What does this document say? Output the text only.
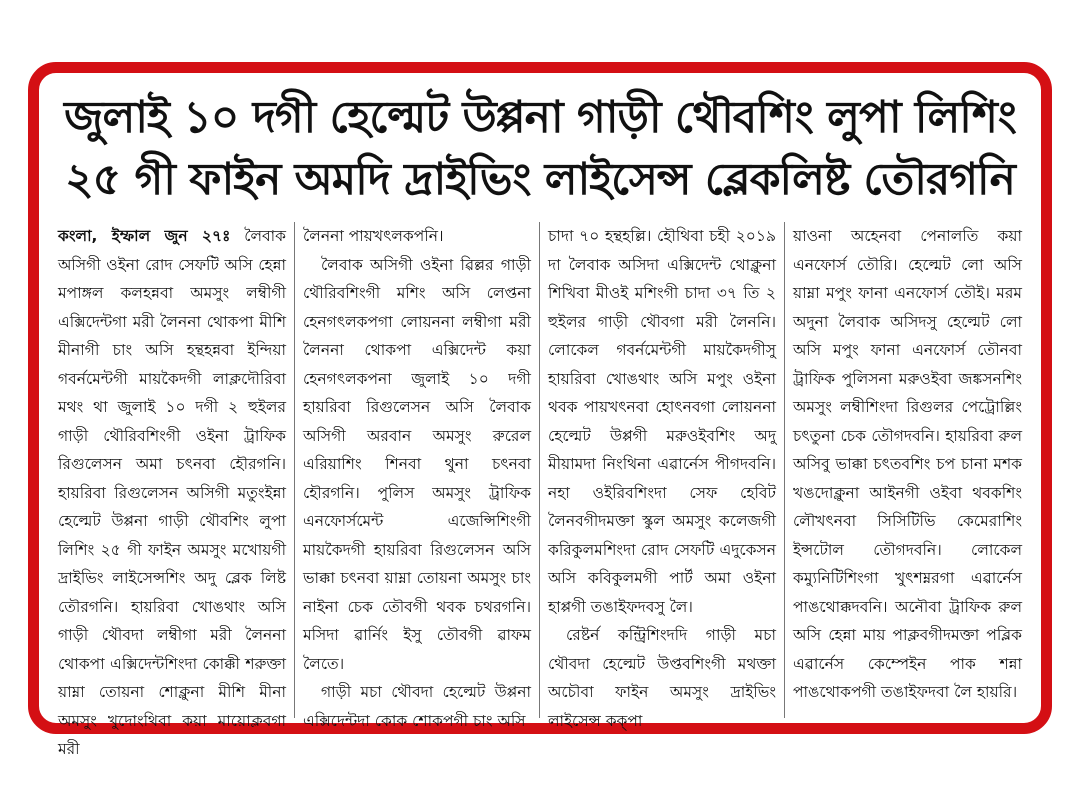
জুলাই ১০ দগী হেল্মেট উপ্পনা গাড়ী থৌবশিং লুপা লিশিং
২৫ গী ফাইন অমদি দ্রাইভিং লাইসেন্স ব্লেকলিষ্ট তৌরগনি

কংলা, ইম্ফাল জুন ২৭ঃ লৈবাক অসিগী ওইনা রোদ সেফটি অসি হেন্না মপাঙ্গল কলহন্নবা অমসুং লম্বীগী এক্সিদেন্টগা মরী লৈননা থোকপা মীশি মীনাগী চাং অসি হন্থহন্নবা ইন্দিয়া গবর্নমেন্টগী মায়কৈদগী লাক্লদৌরিবা মথং থা জুলাই ১০ দগী ২ হুইলর গাড়ী থৌরিবশিংগী ওইনা ট্রাফিক রিগুলেসন অমা চৎনবা হৌরগনি। হায়রিবা রিগুলেসন অসিগী মতুংইন্না হেল্মেট উপ্পনা গাড়ী থৌবশিং লুপা লিশিং ২৫ গী ফাইন অমসুং মখোয়গী দ্রাইভিং লাইসেন্সশিং অদু ব্লেক লিষ্ট তৌরগনি। হায়রিবা খোঙথাং অসি গাড়ী থৌবদা লম্বীগা মরী লৈননা থোকপা এক্সিদেন্টশিংদা কোক্কী শরুক্তা য়াম্না তোয়না শোক্লুনা মীশি মীনা অমসুং খুদোংথিবা কয়া মায়োক্লবগা মরী

লৈননা পায়খৎলকপনি।

লৈবাক অসিগী ওইনা ৱিল্লর গাড়ী থৌরিবশিংগী মশিং অসি লেপ্তনা হেনগৎলকপগা লোয়ননা লম্বীগা মরী লৈননা থোকপা এক্সিদেন্ট কয়া হেনগৎলকপনা জুলাই ১০ দগী হায়রিবা রিগুলেসন অসি লৈবাক অসিগী অরবান অমসুং রুরেল এরিয়াশিং শিনবা থুনা চৎনবা হৌরগনি। পুলিস অমসুং ট্রাফিক এনফোর্সমেন্ট এজেন্সিশিংগী মায়কৈদগী হায়রিবা রিগুলেসন অসি ভাক্কা চৎনবা য়াম্না তোয়না অমসুং চাং নাইনা চেক তৌবগী থবক চথরগনি। মসিদা ৱার্নিং ইসু তৌবগী ৱাফম লৈতে।

গাড়ী মচা থৌবদা হেল্মেট উপ্পনা এক্সিদেন্টদা কোক শোকপগী চাং অসি

চাদা ৭০ হন্থহল্লি। হৌথিবা চহী ২০১৯ দা লৈবাক অসিদা এক্সিদেন্ট থোক্লুনা শিখিবা মীওই মশিংগী চাদা ৩৭ তি ২ হুইলর গাড়ী থৌবগা মরী লৈননি। লোকেল গবর্নমেন্টগী মায়কৈদগীসু হায়রিবা খোঙথাং অসি মপুং ওইনা থবক পায়খৎনবা হোৎনবগা লোয়ননা হেল্মেট উপ্পগী মরুওইবশিং অদু মীয়ামদা নিংথিনা এৱার্নেস পীগদবনি। নহা ওইরিবশিংদা সেফ হেবিট লৈনবগীদমক্তা স্কুল অমসুং কলেজগী করিকুলমশিংদা রোদ সেফটি এদুকেসন অসি কবিকুলমগী পার্ট অমা ওইনা হাপ্পগী তঙাইফদবসু লৈ।

রেষ্টর্ন কন্ট্রিশিংদদি গাড়ী মচা থৌবদা হেল্মেট উপ্তবশিংগী মথক্তা অচৌবা ফাইন অমসুং দ্রাইভিং লাইসেন্স কক্পা

য়াওনা অহেনবা পেনালতি কয়া এনফোর্স তৌরি। হেল্মেট লো অসি য়াম্না মপুং ফানা এনফোর্স তৌই। মরম অদুনা লৈবাক অসিদসু হেল্মেট লো অসি মপুং ফানা এনফোর্স তৌনবা ট্রাফিক পুলিসনা মরুওইবা জঙ্কসনশিং অমসুং লম্বীশিংদা রিগুলর পেট্রোল্লিং চৎতুনা চেক তৌগদবনি। হায়রিবা রুল অসিবু ভাক্কা চৎতবশিং চপ চানা মশক খঙদোক্লুনা আইনগী ওইবা থবকশিং লৌখৎনবা সিসিটিভি কেমেরাশিং ইন্সটোল তৌগদবনি। লোকেল কম্যুনিটিশিংগা খুৎশম্নরগা এৱার্নেস পাঙথোক্কদবনি। অনৌবা ট্রাফিক রুল অসি হেন্না মায় পাক্লবগীদমক্তা পব্লিক এৱার্নেস কেম্পেইন পাক শন্না পাঙথোকপগী তঙাইফদবা লৈ হায়রি।
